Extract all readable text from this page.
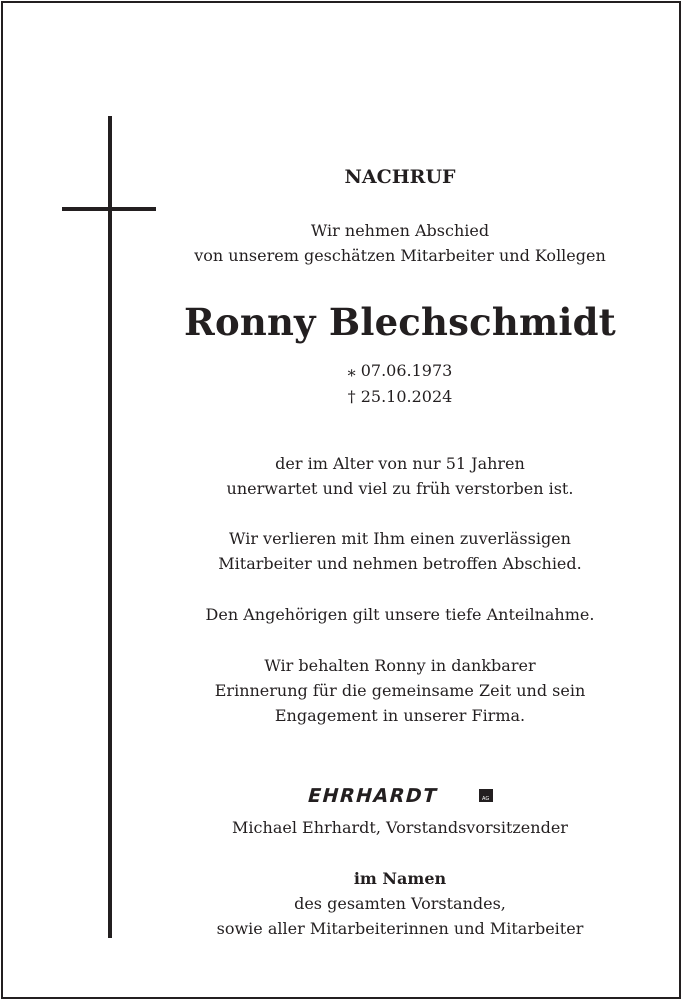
NACHRUF
Wir nehmen Abschied
von unserem geschätzen Mitarbeiter und Kollegen
Ronny Blechschmidt
⁎ 07.06.1973
† 25.10.2024
der im Alter von nur 51 Jahren
unerwartet und viel zu früh verstorben ist.
Wir verlieren mit Ihm einen zuverlässigen
Mitarbeiter und nehmen betroffen Abschied.
Den Angehörigen gilt unsere tiefe Anteilnahme.
Wir behalten Ronny in dankbarer
Erinnerung für die gemeinsame Zeit und sein
Engagement in unserer Firma.
EHRHARDT	AG
Michael Ehrhardt, Vorstandsvorsitzender
im Namen
des gesamten Vorstandes,
sowie aller Mitarbeiterinnen und Mitarbeiter
